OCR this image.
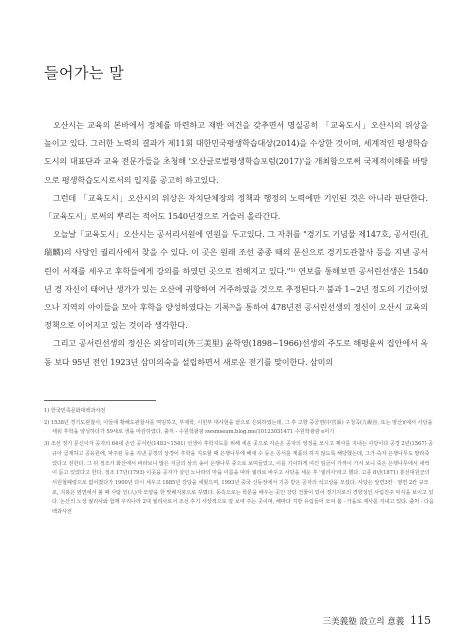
들어가는 말

오산시는 교육의 본바에서 정체를 마련하고 재반 여건을 갖추면서 명실공히 「교육도시」오산시의 위상을 높이고 있다. 그러한 노력의 결과가 제11회 대한민국평생학습대상(2014)을 수상한 것이며, 세계적인 평생학습도시의 대표단과 교육 전문가들을 초청해 '오산글로벌평생학습포럼(2017)'을 개최함으로써 국제적이해를 바탕으로 평생학습도시로서의 입지를 공고히 하고있다.

그런데 「교육도시」오산시의 위상은 자치단체장의 정책과 행정의 노력에만 기인된 것은 아니라 판단한다. 「교육도시」로써의 뿌리는 적어도 1540년경으로 거슬러 올라간다.

오늘날「교육도시」오산시는 공서리서원에 연원을 두고있다. 그 자취를 "경기도 기념물 제147호, 공서린(孔瑞麟)의 사당인 궐리사에서 찾을 수 있다. 이 곳은 원래 조선 중종 때의 문신으로 경기도관찰사 등을 지낸 공서린이 서재를 세우고 후학들에게 강의를 하였던 곳으로 전해지고 있다."¹⁾ 연보를 통해보면 공서린선생은 1540년 경 자신이 태어난 생가가 있는 오산에 귀향하여 거주하였을 것으로 추정된다.²⁾ 불과 1~2년 정도의 기간이었으나 지역의 아이들을 모아 후학을 양성하였다는 기록³⁾을 통하여 478년전 공서린선생의 정신이 오산시 교육의 정책으로 이어지고 있는 것이라 생각한다.

그리고 공서린선생의 정신은 외삼미리(外三美里) 윤학영(1898~1966)선생의 주도로 해평윤씨 집안에서 옥동 보다 95년 전인 1923년 삼미의숙을 설립하면서 새로운 전기를 맞이한다. 삼미의

1) 한국민족문화대백과사전

2) 1538년 경기도관찰사, 아들에 황해도관찰사를 역임하고, 부제학, 시헌부 대사헌을 끝으로 은퇴하였는데, 그 후 고향 중궁면(中宮面) 구청곡(九峴谷, 또는 땅산)(에서 사당을 세워 후학을 양성하다가 59세로 생을 마감하였다. 출처 - 수원학광광 swsmseum.blog.me/10123031471 수원학광광 e미기

3) 조선 정기 문신이자 공자의 64대 손인 공서린(1483~1541) 선생이 후학지도를 위해 세운 곳으로 자손은 공자의 영정을 모시고 제사를 지내는 사당이다 공경 2년(1567) 공규아 급재하고 공유원에, 파주된 등을 지낸 공경의 상경이 후학을 지도할 때 은행나무에 해새 수 등은 공서를 계품의 하지 않도록 해당했는데, 그가 죽자 은행나무도 말라죽었다고 전한다. 그 뒤 정조가 화산에서 바라보니 많은 지금의 상의 송이 은행나무 중으로 보며들었고, 이를 기이하게 여긴 임금이 가까이 가서 보니 죽은 은행나무에서 새싹이 돋고 있었다고 한다. 정조 17년(1793) 이곳을 공자가 살던 노나라의 마을 이름을 따라 궐리로 바꾸고 사당을 세운 후 '궐리사'라고 했다. 고종 8년(1871) 흥선대원군의 서원철폐령으로 없어졌다가 1900년 다시 세우고 1885년 강당을 세웠으며, 1993년 중국 신동정에서 기증 받은 공자의 석고상을 모셨다. 사당은 앞면3칸 · 옆면 2칸 규모로, 지붕은 옆면에서 볼 때 사람 인(人)자 모양을 한 맞배지붕으로 꾸몄다. 동측으로는 학문을 배우는 곳인 강당 건물이 있어 경기지로의 경향성인 사림진주 익식을 보이고 있다. 논산의 노성 궐리사와 함께 우리나라 2대 궐리사로서 조선 후기 사상적으로 잘 보여 주는 곳이며, 해마다 지방 유림들이 모여 봄 · 가을로 제사를 지내고 있다. 출처 - 다음백과사전

三美義塾 設立의 意義 115
